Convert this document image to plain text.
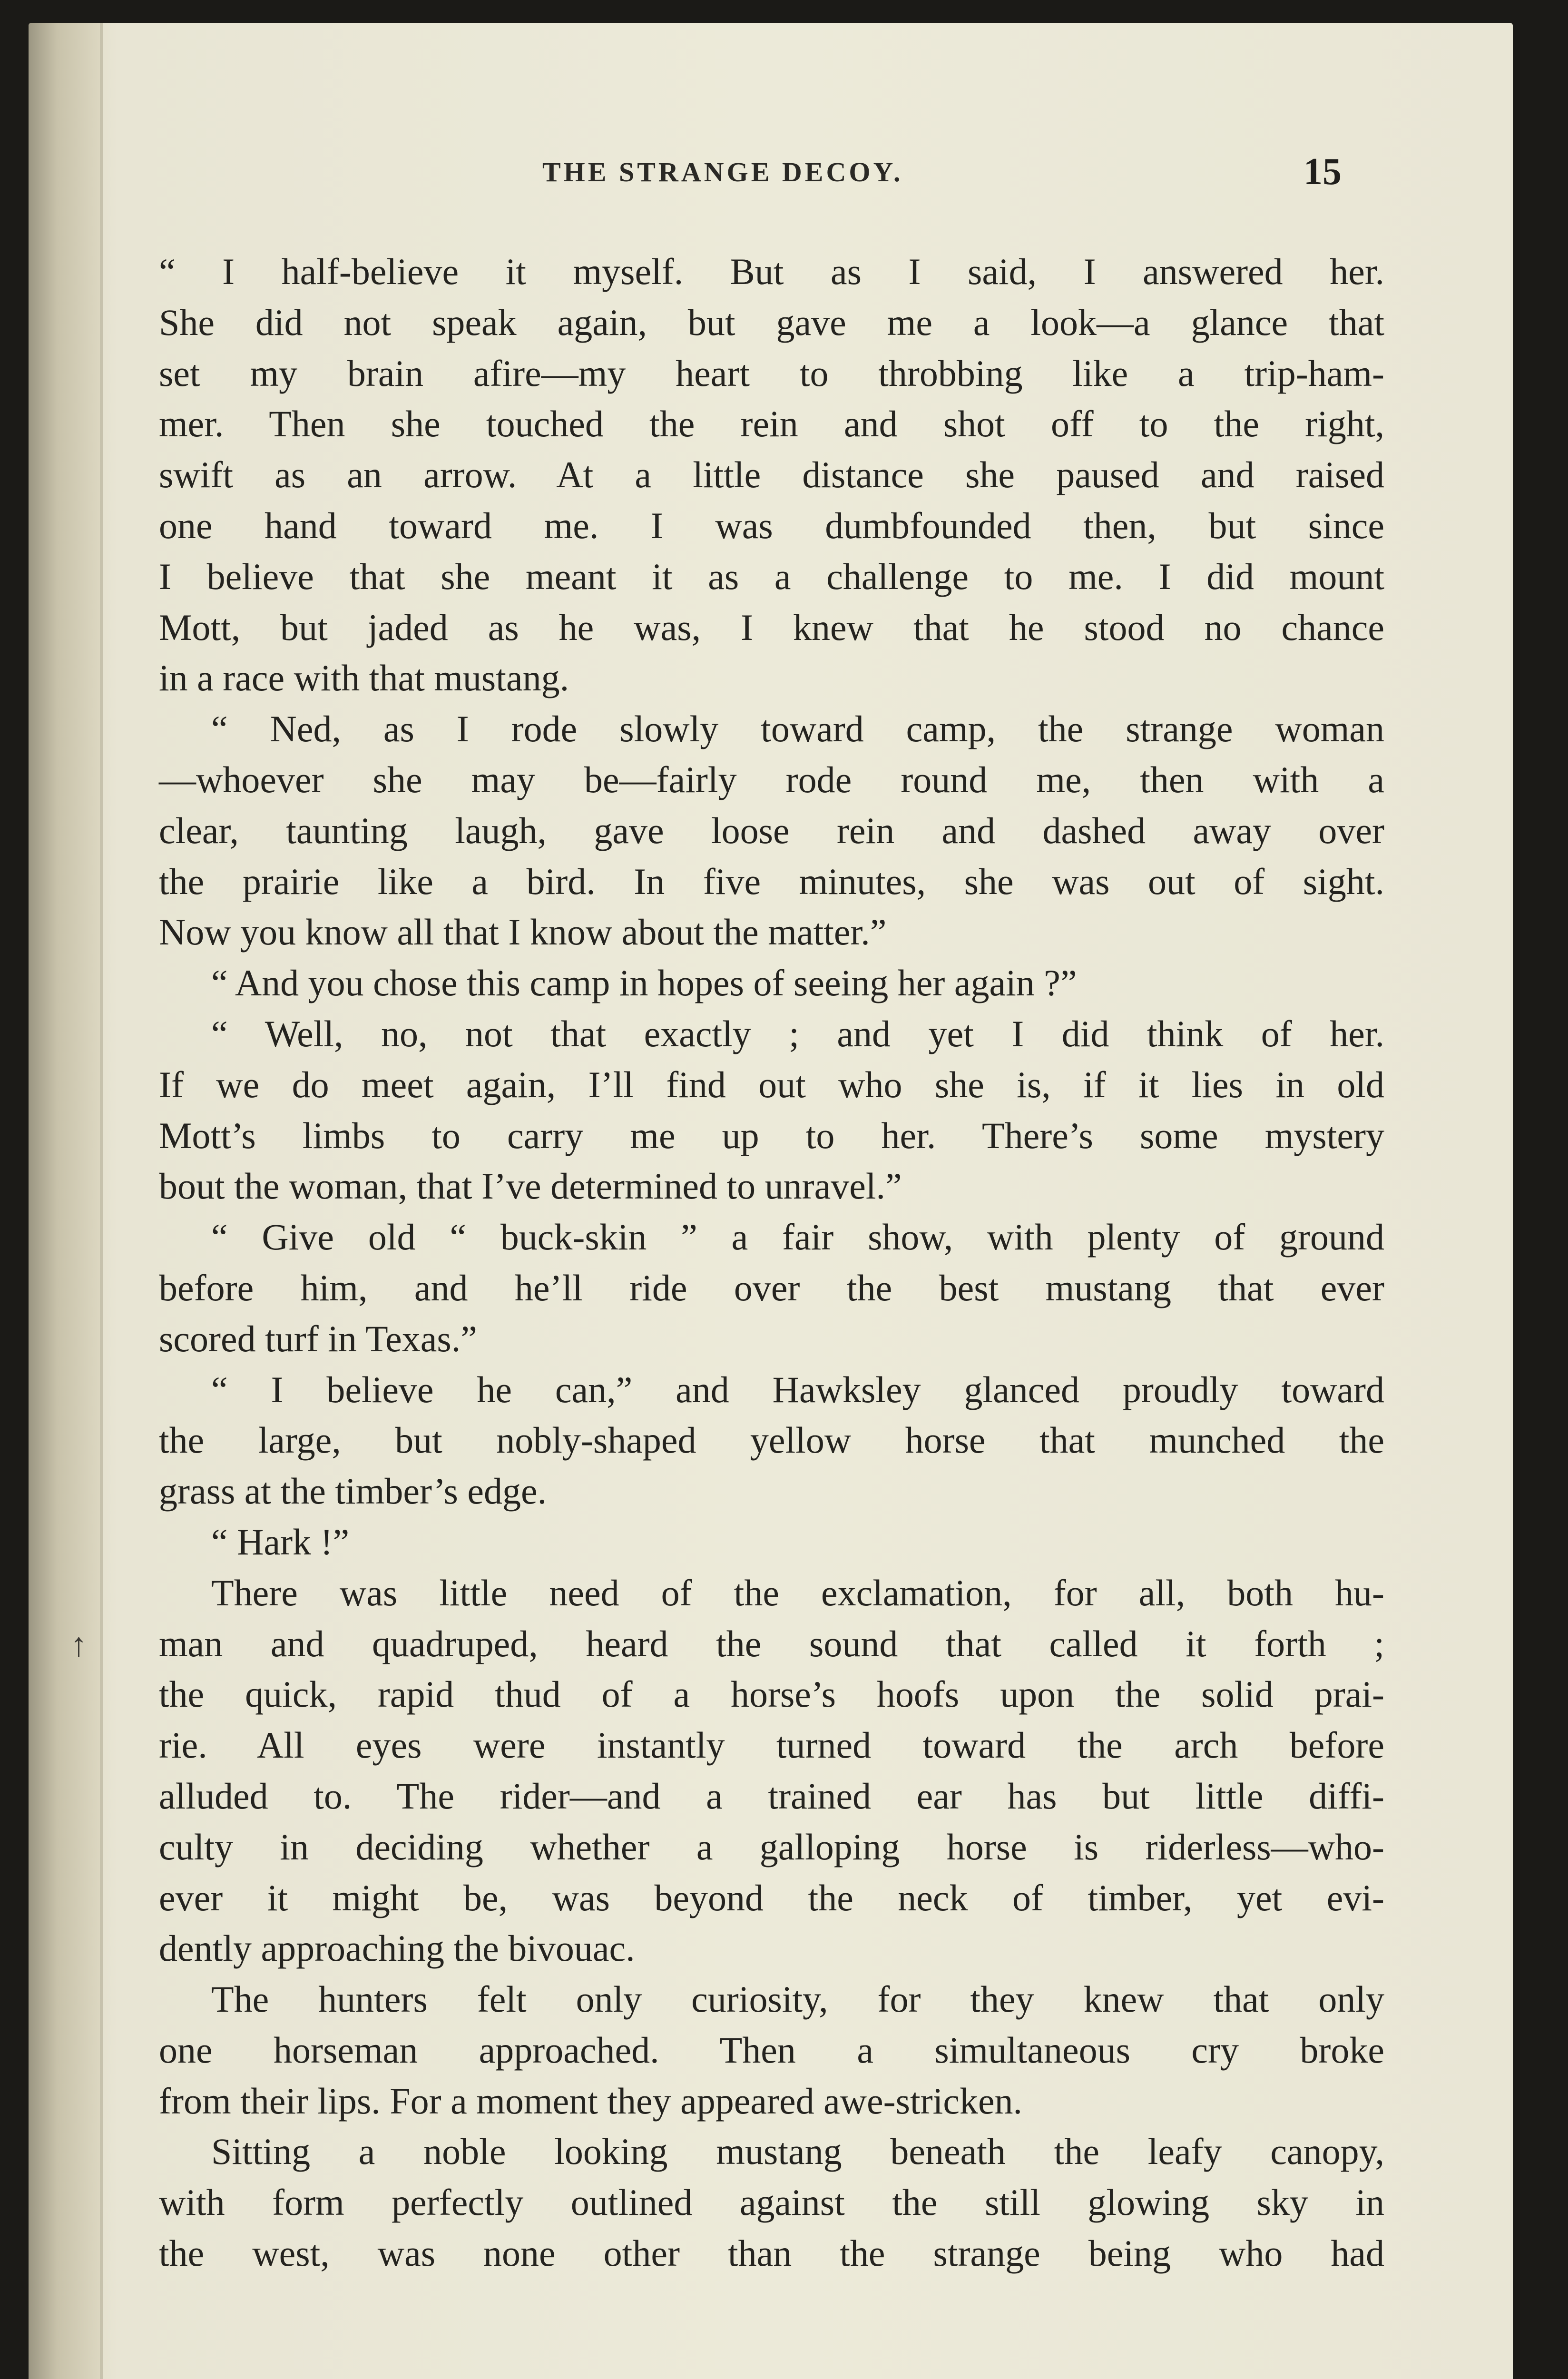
THE STRANGE DECOY.	15
“ I half-believe it myself. But as I said, I answered her.
She did not speak again, but gave me a look—a glance that
set my brain afire—my heart to throbbing like a trip-ham-
mer. Then she touched the rein and shot off to the right,
swift as an arrow. At a little distance she paused and raised
one hand toward me. I was dumbfounded then, but since
I believe that she meant it as a challenge to me. I did mount
Mott, but jaded as he was, I knew that he stood no chance
in a race with that mustang.
“ Ned, as I rode slowly toward camp, the strange woman
—whoever she may be—fairly rode round me, then with a
clear, taunting laugh, gave loose rein and dashed away over
the prairie like a bird. In five minutes, she was out of sight.
Now you know all that I know about the matter.”
“ And you chose this camp in hopes of seeing her again ?”
“ Well, no, not that exactly ; and yet I did think of her.
If we do meet again, I’ll find out who she is, if it lies in old
Mott’s limbs to carry me up to her. There’s some mystery
bout the woman, that I’ve determined to unravel.”
“ Give old “ buck-skin ” a fair show, with plenty of ground
before him, and he’ll ride over the best mustang that ever
scored turf in Texas.”
“ I believe he can,” and Hawksley glanced proudly toward
the large, but nobly-shaped yellow horse that munched the
grass at the timber’s edge.
“ Hark !”
There was little need of the exclamation, for all, both hu-
man and quadruped, heard the sound that called it forth ;
the quick, rapid thud of a horse’s hoofs upon the solid prai-
rie. All eyes were instantly turned toward the arch before
alluded to. The rider—and a trained ear has but little diffi-
culty in deciding whether a galloping horse is riderless—who-
ever it might be, was beyond the neck of timber, yet evi-
dently approaching the bivouac.
The hunters felt only curiosity, for they knew that only
one horseman approached. Then a simultaneous cry broke
from their lips. For a moment they appeared awe-stricken.
Sitting a noble looking mustang beneath the leafy canopy,
with form perfectly outlined against the still glowing sky in
the west, was none other than the strange being who had
↑
